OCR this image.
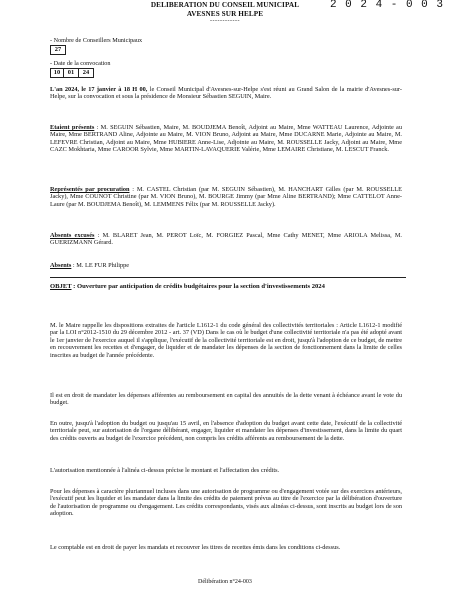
DELIBERATION DU CONSEIL MUNICIPAL
AVESNES SUR HELPE
------------
2 0 2 4 - 0 0 3
- Nombre de Conseillers Municipaux
27
- Date de la convocation
10	01	24
L'an 2024, le 17 janvier à 18 H 00, le Conseil Municipal d'Avesnes-sur-Helpe s'est réuni au Grand Salon de la mairie d'Avesnes-sur-Helpe, sur la convocation et sous la présidence de Monsieur Sébastien SEGUIN, Maire.
Etaient présents : M. SEGUIN Sébastien, Maire, M. BOUDJEMA Benoît, Adjoint au Maire, Mme WATTEAU Laurence, Adjointe au Maire, Mme BERTRAND Aline, Adjointe au Maire, M. VION Bruno, Adjoint au Maire, Mme DUCARNE Marie, Adjointe au Maire, M. LEFEVRE Christian, Adjoint au Maire, Mme HUBIERE Anne-Lise, Adjointe au Maire, M. ROUSSELLE Jacky, Adjoint au Maire, Mme CAZC Mokhtaria, Mme CAROOR Sylvie, Mme MARTIN-LAVAQUERIE Valérie, Mme LEMAIRE Christiane, M. LESCUT Franck.
Représentés par procuration : M. CASTEL Christian (par M. SEGUIN Sébastien), M. HANCHART Gilles (par M. ROUSSELLE Jacky), Mme COUNOT Christine (par M. VION Bruno), M. BOURGE Jimmy (par Mme Aline BERTRAND); Mme CATTELOT Anne-Laure (par M. BOUDJEMA Benoît), M. LEMMENS Félix (par M. ROUSSELLE Jacky).
Absents excusés : M. BLARET Jean, M. PEROT Loïc, M. FORGIEZ Pascal, Mme Cathy MENET, Mme ARIOLA Melissa, M. GUERIZMANN Gérard.
Absents : M. LE FUR Philippe
OBJET : Ouverture par anticipation de crédits budgétaires pour la section d'investissements 2024
M. le Maire rappelle les dispositions extraites de l'article L1612-1 du code général des collectivités territoriales : Article L1612-1 modifié par la LOI n°2012-1510 du 29 décembre 2012 - art. 37 (VD) Dans le cas où le budget d'une collectivité territoriale n'a pas été adopté avant le 1er janvier de l'exercice auquel il s'applique, l'exécutif de la collectivité territoriale est en droit, jusqu'à l'adoption de ce budget, de mettre en recouvrement les recettes et d'engager, de liquider et de mandater les dépenses de la section de fonctionnement dans la limite de celles inscrites au budget de l'année précédente.
Il est en droit de mandater les dépenses afférentes au remboursement en capital des annuités de la dette venant à échéance avant le vote du budget.
En outre, jusqu'à l'adoption du budget ou jusqu'au 15 avril, en l'absence d'adoption du budget avant cette date, l'exécutif de la collectivité territoriale peut, sur autorisation de l'organe délibérant, engager, liquider et mandater les dépenses d'investissement, dans la limite du quart des crédits ouverts au budget de l'exercice précédent, non compris les crédits afférents au remboursement de la dette.
L'autorisation mentionnée à l'alinéa ci-dessus précise le montant et l'affectation des crédits.
Pour les dépenses à caractère pluriannuel incluses dans une autorisation de programme ou d'engagement votée sur des exercices antérieurs, l'exécutif peut les liquider et les mandater dans la limite des crédits de paiement prévus au titre de l'exercice par la délibération d'ouverture de l'autorisation de programme ou d'engagement. Les crédits correspondants, visés aux alinéas ci-dessus, sont inscrits au budget lors de son adoption.
Le comptable est en droit de payer les mandats et recouvrer les titres de recettes émis dans les conditions ci-dessus.
Délibération n°24-003
